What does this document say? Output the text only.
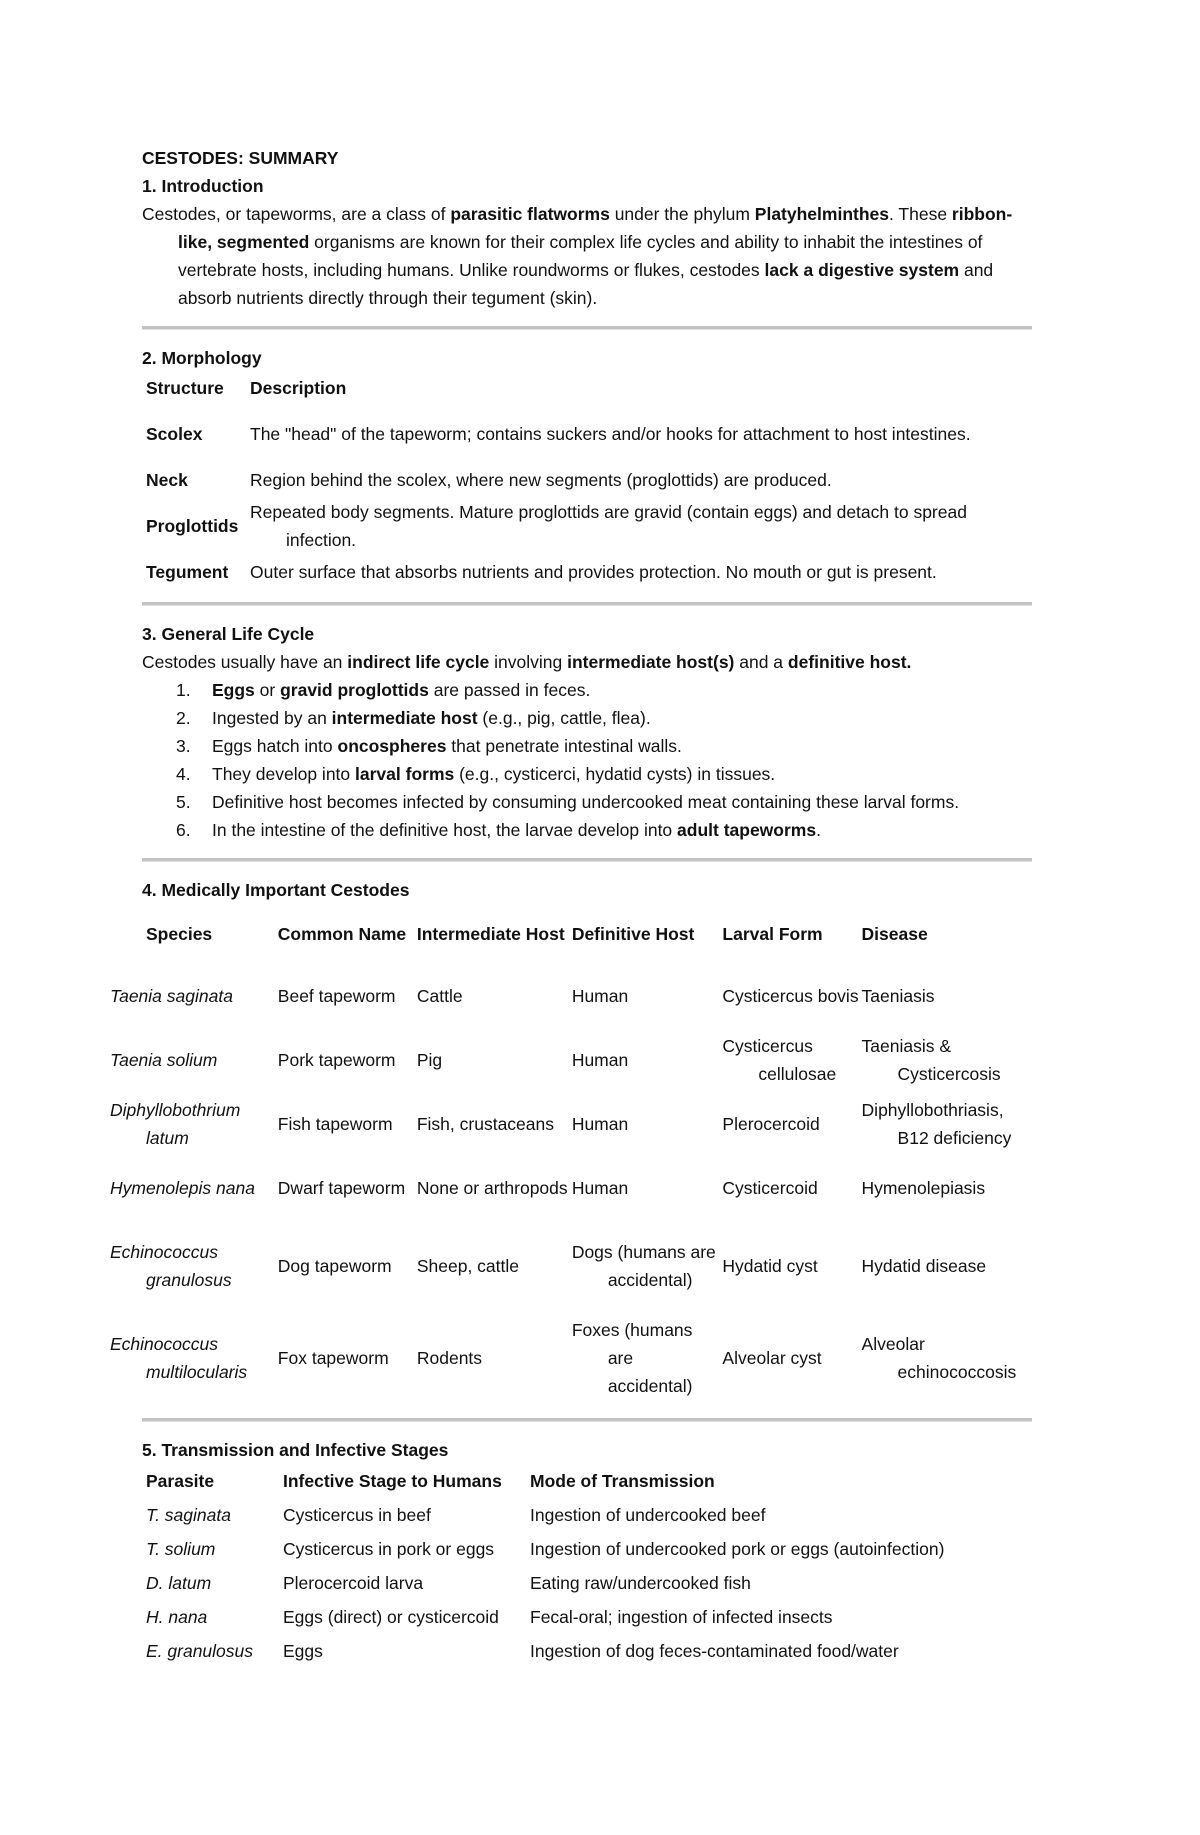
CESTODES: SUMMARY
1. Introduction

Cestodes, or tapeworms, are a class of parasitic flatworms under the phylum Platyhelminthes. These ribbon-like, segmented organisms are known for their complex life cycles and ability to inhabit the intestines of vertebrate hosts, including humans. Unlike roundworms or flukes, cestodes lack a digestive system and absorb nutrients directly through their tegument (skin).

2. Morphology
Structure	Description
Scolex	The "head" of the tapeworm; contains suckers and/or hooks for attachment to host intestines.
Neck	Region behind the scolex, where new segments (proglottids) are produced.
Proglottids	Repeated body segments. Mature proglottids are gravid (contain eggs) and detach to spread infection.
Tegument	Outer surface that absorbs nutrients and provides protection. No mouth or gut is present.
3. General Life Cycle

Cestodes usually have an indirect life cycle involving intermediate host(s) and a definitive host.

1. Eggs or gravid proglottids are passed in feces.
2. Ingested by an intermediate host (e.g., pig, cattle, flea).
3. Eggs hatch into oncospheres that penetrate intestinal walls.
4. They develop into larval forms (e.g., cysticerci, hydatid cysts) in tissues.
5. Definitive host becomes infected by consuming undercooked meat containing these larval forms.
6. In the intestine of the definitive host, the larvae develop into adult tapeworms.
4. Medically Important Cestodes
Species	Common Name	Intermediate Host	Definitive Host	Larval Form	Disease
Taenia saginata	Beef tapeworm	Cattle	Human	Cysticercus bovis	Taeniasis
Taenia solium	Pork tapeworm	Pig	Human	Cysticercus cellulosae	Taeniasis & Cysticercosis
Diphyllobothrium latum	Fish tapeworm	Fish, crustaceans	Human	Plerocercoid	Diphyllobothriasis, B12 deficiency
Hymenolepis nana	Dwarf tapeworm	None or arthropods	Human	Cysticercoid	Hymenolepiasis
Echinococcus granulosus	Dog tapeworm	Sheep, cattle	Dogs (humans are accidental)	Hydatid cyst	Hydatid disease
Echinococcus multilocularis	Fox tapeworm	Rodents	Foxes (humans are accidental)	Alveolar cyst	Alveolar echinococcosis
5. Transmission and Infective Stages
Parasite	Infective Stage to Humans	Mode of Transmission
T. saginata	Cysticercus in beef	Ingestion of undercooked beef
T. solium	Cysticercus in pork or eggs	Ingestion of undercooked pork or eggs (autoinfection)
D. latum	Plerocercoid larva	Eating raw/undercooked fish
H. nana	Eggs (direct) or cysticercoid	Fecal-oral; ingestion of infected insects
E. granulosus	Eggs	Ingestion of dog feces-contaminated food/water
